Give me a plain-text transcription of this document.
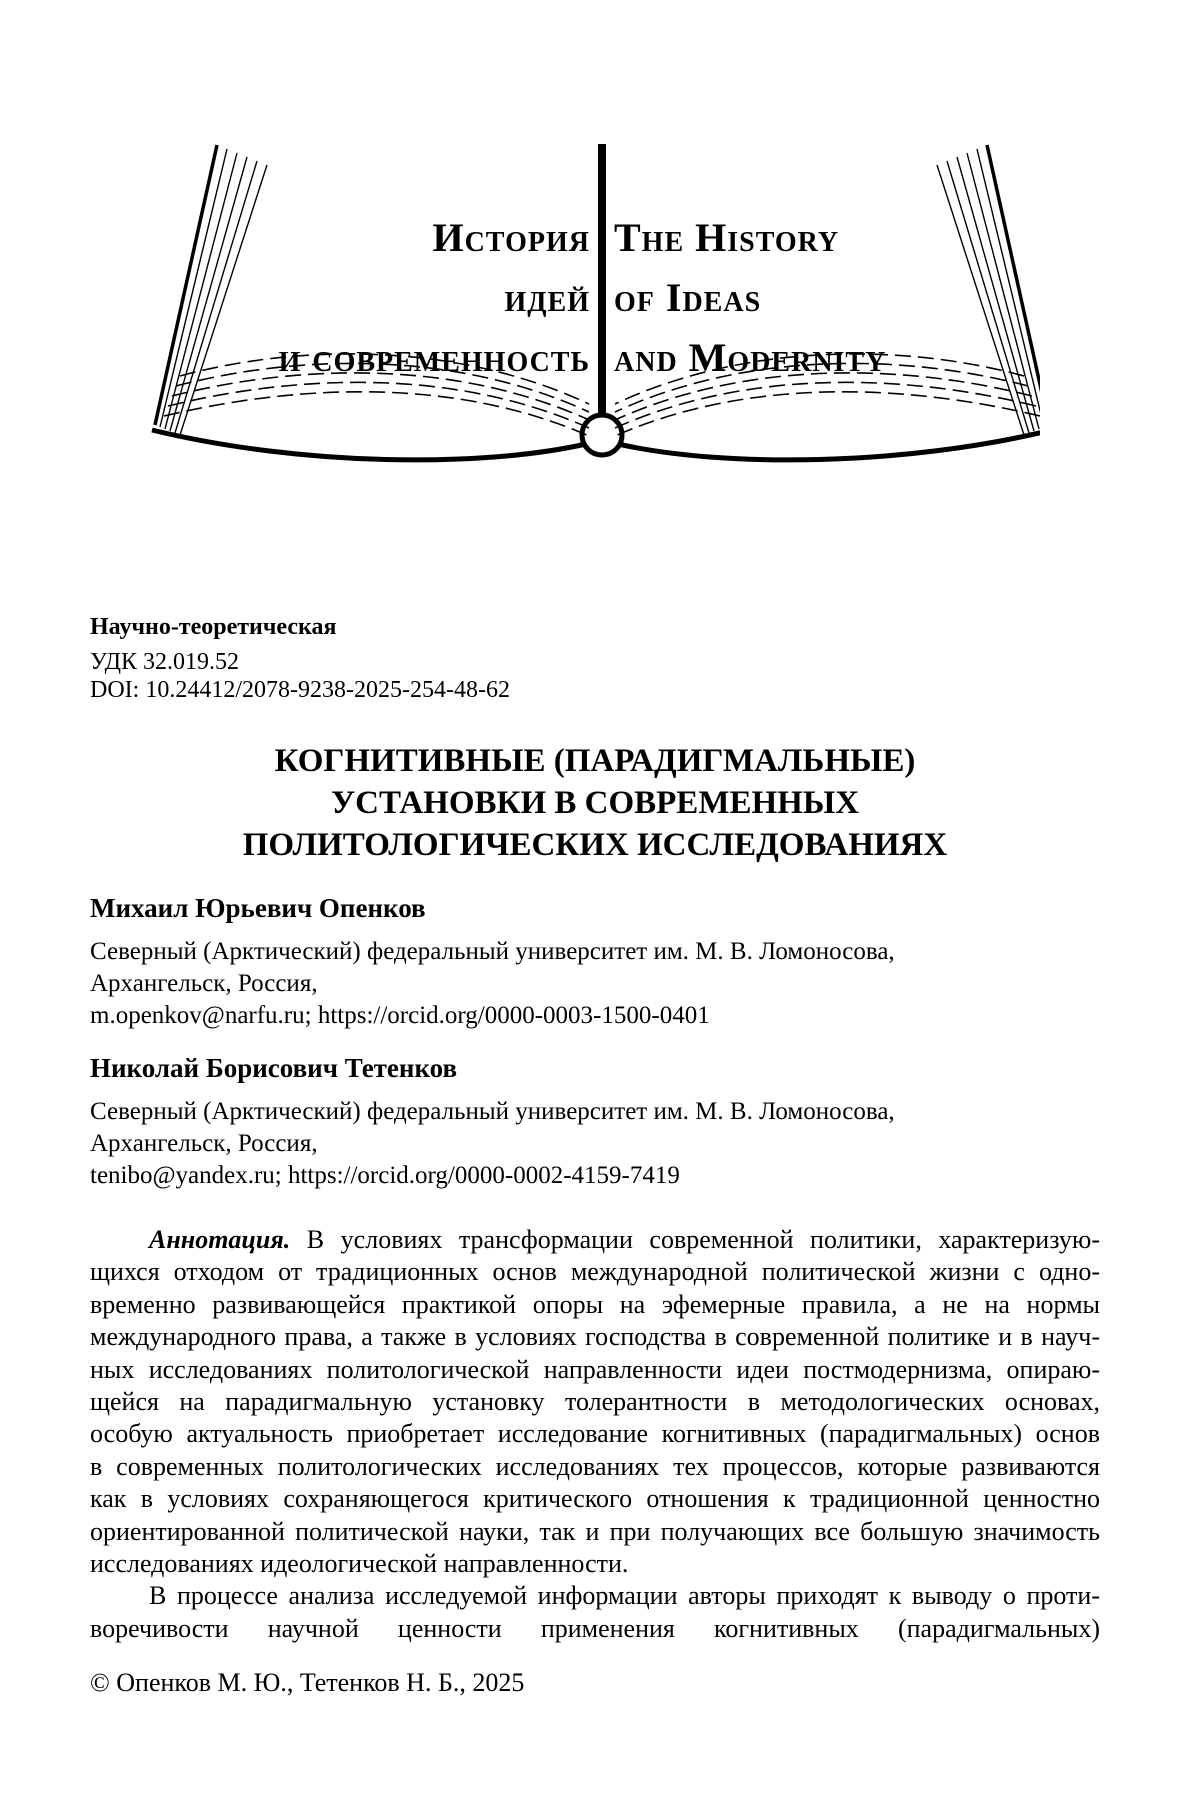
История
идей
и современность
The History
of Ideas
and Modernity
Научно-теоретическая
УДК 32.019.52
DOI: 10.24412/2078-9238-2025-254-48-62
КОГНИТИВНЫЕ (ПАРАДИГМАЛЬНЫЕ)
УСТАНОВКИ В СОВРЕМЕННЫХ
ПОЛИТОЛОГИЧЕСКИХ ИССЛЕДОВАНИЯХ
Михаил Юрьевич Опенков
Северный (Арктический) федеральный университет им. М. В. Ломоносова,
Архангельск, Россия,
m.openkov@narfu.ru; https://orcid.org/0000-0003-1500-0401
Николай Борисович Тетенков
Северный (Арктический) федеральный университет им. М. В. Ломоносова,
Архангельск, Россия,
tenibo@yandex.ru; https://orcid.org/0000-0002-4159-7419
Аннотация. В условиях трансформации современной политики, характеризую-
щихся отходом от традиционных основ международной политической жизни с одно-
временно развивающейся практикой опоры на эфемерные правила, а не на нормы
международного права, а также в условиях господства в современной политике и в науч-
ных исследованиях политологической направленности идеи постмодернизма, опираю-
щейся на парадигмальную установку толерантности в методологических основах,
особую актуальность приобретает исследование когнитивных (парадигмальных) основ
в современных политологических исследованиях тех процессов, которые развиваются
как в условиях сохраняющегося критического отношения к традиционной ценностно
ориентированной политической науки, так и при получающих все большую значимость
исследованиях идеологической направленности.
В процессе анализа исследуемой информации авторы приходят к выводу о проти-
воречивости научной ценности применения когнитивных (парадигмальных)
© Опенков М. Ю., Тетенков Н. Б., 2025
